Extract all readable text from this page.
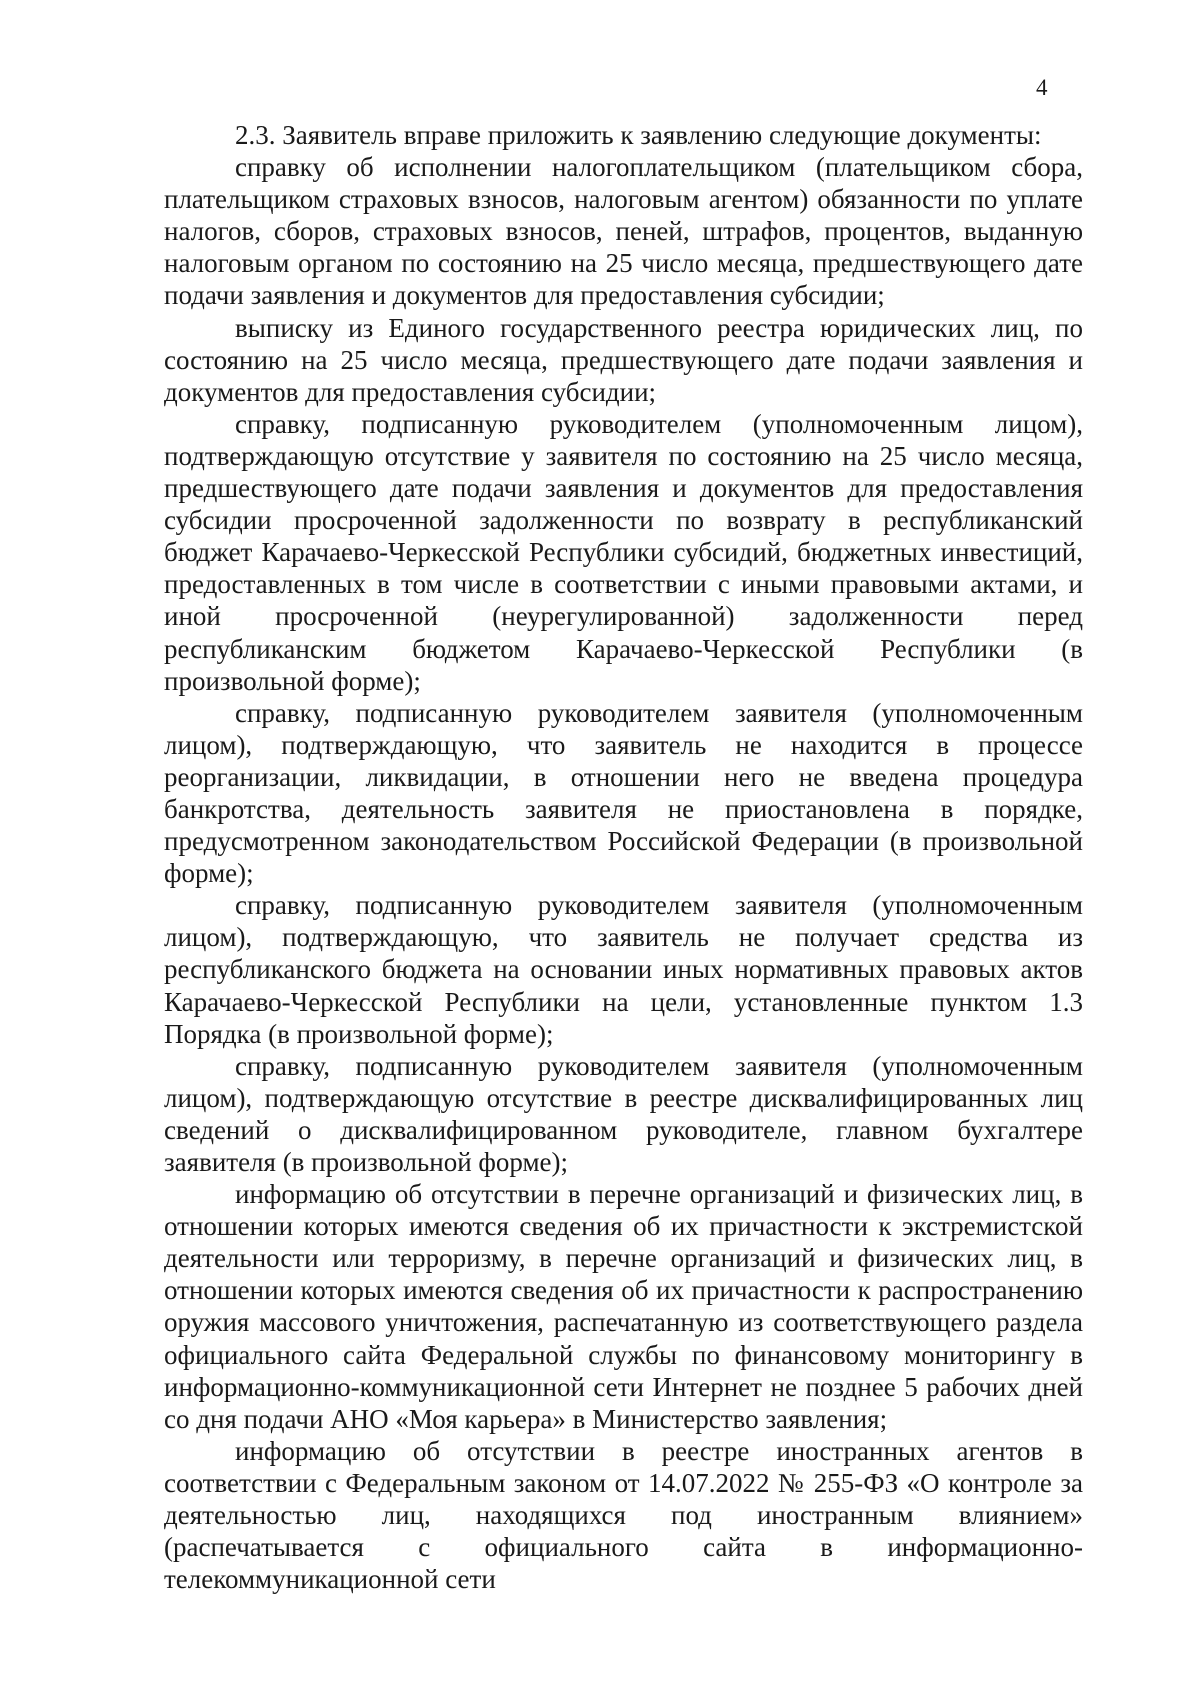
4

2.3. Заявитель вправе приложить к заявлению следующие документы:

справку об исполнении налогоплательщиком (плательщиком сбора, плательщиком страховых взносов, налоговым агентом) обязанности по уплате налогов, сборов, страховых взносов, пеней, штрафов, процентов, выданную налоговым органом по состоянию на 25 число месяца, предшествующего дате подачи заявления и документов для предоставления субсидии;

выписку из Единого государственного реестра юридических лиц, по состоянию на 25 число месяца, предшествующего дате подачи заявления и документов для предоставления субсидии;

справку, подписанную руководителем (уполномоченным лицом), подтверждающую отсутствие у заявителя по состоянию на 25 число месяца, предшествующего дате подачи заявления и документов для предоставления субсидии просроченной задолженности по возврату в республиканский бюджет Карачаево-Черкесской Республики субсидий, бюджетных инвестиций, предоставленных в том числе в соответствии с иными правовыми актами, и иной просроченной (неурегулированной) задолженности перед республиканским бюджетом Карачаево-Черкесской Республики (в произвольной форме);

справку, подписанную руководителем заявителя (уполномоченным лицом), подтверждающую, что заявитель не находится в процессе реорганизации, ликвидации, в отношении него не введена процедура банкротства, деятельность заявителя не приостановлена в порядке, предусмотренном законодательством Российской Федерации (в произвольной форме);

справку, подписанную руководителем заявителя (уполномоченным лицом), подтверждающую, что заявитель не получает средства из республиканского бюджета на основании иных нормативных правовых актов Карачаево-Черкесской Республики на цели, установленные пунктом 1.3 Порядка (в произвольной форме);

справку, подписанную руководителем заявителя (уполномоченным лицом), подтверждающую отсутствие в реестре дисквалифицированных лиц сведений о дисквалифицированном руководителе, главном бухгалтере заявителя (в произвольной форме);

информацию об отсутствии в перечне организаций и физических лиц, в отношении которых имеются сведения об их причастности к экстремистской деятельности или терроризму, в перечне организаций и физических лиц, в отношении которых имеются сведения об их причастности к распространению оружия массового уничтожения, распечатанную из соответствующего раздела официального сайта Федеральной службы по финансовому мониторингу в информационно-коммуникационной сети Интернет не позднее 5 рабочих дней со дня подачи АНО «Моя карьера» в Министерство заявления;

информацию об отсутствии в реестре иностранных агентов в соответствии с Федеральным законом от 14.07.2022 № 255-ФЗ «О контроле за деятельностью лиц, находящихся под иностранным влиянием» (распечатывается с официального сайта в информационно-телекоммуникационной сети
